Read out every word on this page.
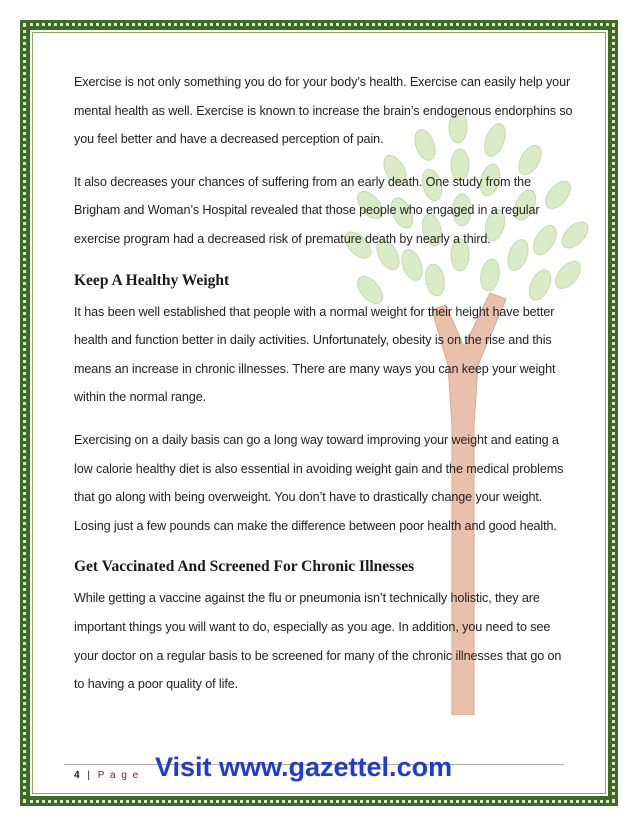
Exercise is not only something you do for your body’s health. Exercise can easily help your mental health as well. Exercise is known to increase the brain’s endogenous endorphins so you feel better and have a decreased perception of pain.

It also decreases your chances of suffering from an early death. One study from the Brigham and Woman’s Hospital revealed that those people who engaged in a regular exercise program had a decreased risk of premature death by nearly a third.

Keep A Healthy Weight

It has been well established that people with a normal weight for their height have better health and function better in daily activities. Unfortunately, obesity is on the rise and this means an increase in chronic illnesses. There are many ways you can keep your weight within the normal range.

Exercising on a daily basis can go a long way toward improving your weight and eating a low calorie healthy diet is also essential in avoiding weight gain and the medical problems that go along with being overweight. You don’t have to drastically change your weight. Losing just a few pounds can make the difference between poor health and good health.

Get Vaccinated And Screened For Chronic Illnesses

While getting a vaccine against the flu or pneumonia isn’t technically holistic, they are important things you will want to do, especially as you age. In addition, you need to see your doctor on a regular basis to be screened for many of the chronic illnesses that go on to having a poor quality of life.

4 | P a g e Visit www.gazettel.com
